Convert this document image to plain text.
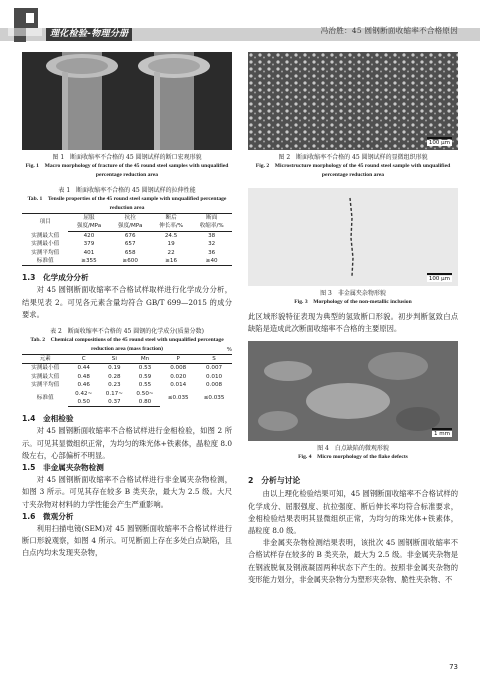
理化检验-物理分册	冯治胜：45 圆钢断面收缩率不合格原因
图 1　断面收缩率不合格的 45 圆钢试样的断口宏观形貌
Fig. 1　Macro morphology of fracture of the 45 round steel samples with unqualified percentage reduction area
表 1　断面收缩率不合格的 45 圆钢试样的拉伸性能
Tab. 1　Tensile properties of the 45 round steel sample with unqualified percentage reduction area
项目	屈服	抗拉	断后	断面
	强度/MPa	强度/MPa	伸长率/%	收缩率/%
实测最大值	420	676	24.5	38
实测最小值	379	657	19	32
实测平均值	401	658	22	36
标准值	≥355	≥600	≥16	≥40
1.3　化学成分分析

对 45 圆钢断面收缩率不合格试样取样进行化学成分分析，结果见表 2。可见各元素含量均符合 GB/T 699—2015 的成分要求。

表 2　断面收缩率不合格的 45 圆钢的化学成分(质量分数)
Tab. 2　Chemical compositions of the 45 round steel with unqualified percentage reduction area (mass fraction)	%
元素	C	Si	Mn	P	S
实测最小值	0.44	0.19	0.53	0.008	0.007
实测最大值	0.48	0.28	0.59	0.020	0.010
实测平均值	0.46	0.23	0.55	0.014	0.008
标准值	0.42~	0.17~	0.50~	≤0.035	≤0.035
	0.50	0.37	0.80		
1.4　金相检验

对 45 圆钢断面收缩率不合格试样进行金相检验，如图 2 所示。可见其显微组织正常，为均匀的珠光体+铁素体，晶粒度 8.0 级左右，心部偏析不明显。

1.5　非金属夹杂物检测

对 45 圆钢断面收缩率不合格试样进行非金属夹杂物检测，如图 3 所示。可见其存在较多 B 类夹杂，最大为 2.5 级。大尺寸夹杂物对材料的力学性能会产生严重影响。

1.6　微观分析

利用扫描电镜(SEM)对 45 圆钢断面收缩率不合格试样进行断口形貌观察，如图 4 所示。可见断面上存在多处白点缺陷，且白点内均未发现夹杂物，

100 μm
图 2　断面收缩率不合格的 45 圆钢试样的显微组织形貌
Fig. 2　Microstructure morphology of the 45 round steel sample with unqualified percentage reduction area
100 μm
图 3　非金属夹杂物形貌
Fig. 3　Morphology of the non-metallic inclusion

此区域形貌特征表现为典型的氢致断口形貌。初步判断氢致白点缺陷是造成此次断面收缩率不合格的主要原因。

1 mm
图 4　白点缺陷的微观形貌
Fig. 4　Micro morphology of the flake defects
2　分析与讨论

由以上理化检验结果可知，45 圆钢断面收缩率不合格试样的化学成分、屈服强度、抗拉强度、断后伸长率均符合标准要求，金相检验结果表明其显微组织正常，为均匀的珠光体+铁素体，晶粒度 8.0 级。

非金属夹杂物检测结果表明，该批次 45 圆钢断面收缩率不合格试样存在较多的 B 类夹杂，最大为 2.5 级。非金属夹杂物是在钢液脱氧及钢液凝固两种状态下产生的。按照非金属夹杂物的变形能力划分，非金属夹杂物分为塑形夹杂物、脆性夹杂物、不

73
